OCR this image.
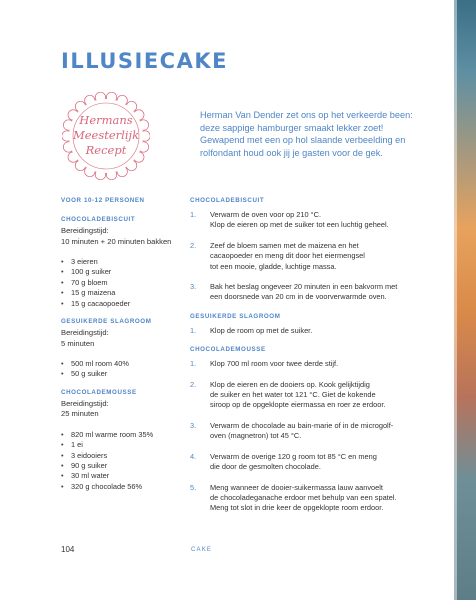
ILLUSIECAKE
Hermans
Meesterlijk
Recept
Herman Van Dender zet ons op het verkeerde been: deze sappige hamburger smaakt lekker zoet! Gewapend met een op hol slaande verbeelding en rolfondant houd ook jij je gasten voor de gek.
VOOR 10-12 PERSONEN
CHOCOLADEBISCUIT
Bereidingstijd:
10 minuten + 20 minuten bakken
• 3 eieren
• 100 g suiker
• 70 g bloem
• 15 g maizena
• 15 g cacaopoeder
GESUIKERDE SLAGROOM
Bereidingstijd:
5 minuten
• 500 ml room 40%
• 50 g suiker
CHOCOLADEMOUSSE
Bereidingstijd:
25 minuten
• 820 ml warme room 35%
• 1 ei
• 3 eidooiers
• 90 g suiker
• 30 ml water
• 320 g chocolade 56%
CHOCOLADEBISCUIT
1. Verwarm de oven voor op 210 °C.
Klop de eieren op met de suiker tot een luchtig geheel.
2. Zeef de bloem samen met de maizena en het
cacaopoeder en meng dit door het eiermengsel
tot een mooie, gladde, luchtige massa.
3. Bak het beslag ongeveer 20 minuten in een bakvorm met
een doorsnede van 20 cm in de voorverwarmde oven.
GESUIKERDE SLAGROOM
1. Klop de room op met de suiker.
CHOCOLADEMOUSSE
1. Klop 700 ml room voor twee derde stijf.
2. Klop de eieren en de dooiers op. Kook gelijktijdig
de suiker en het water tot 121 °C. Giet de kokende
siroop op de opgeklopte eiermassa en roer ze erdoor.
3. Verwarm de chocolade au bain-marie of in de microgolf-
oven (magnetron) tot 45 °C.
4. Verwarm de overige 120 g room tot 85 °C en meng
die door de gesmolten chocolade.
5. Meng wanneer de dooier-suikermassa lauw aanvoelt
de chocoladeganache erdoor met behulp van een spatel.
Meng tot slot in drie keer de opgeklopte room erdoor.
104	CAKE
